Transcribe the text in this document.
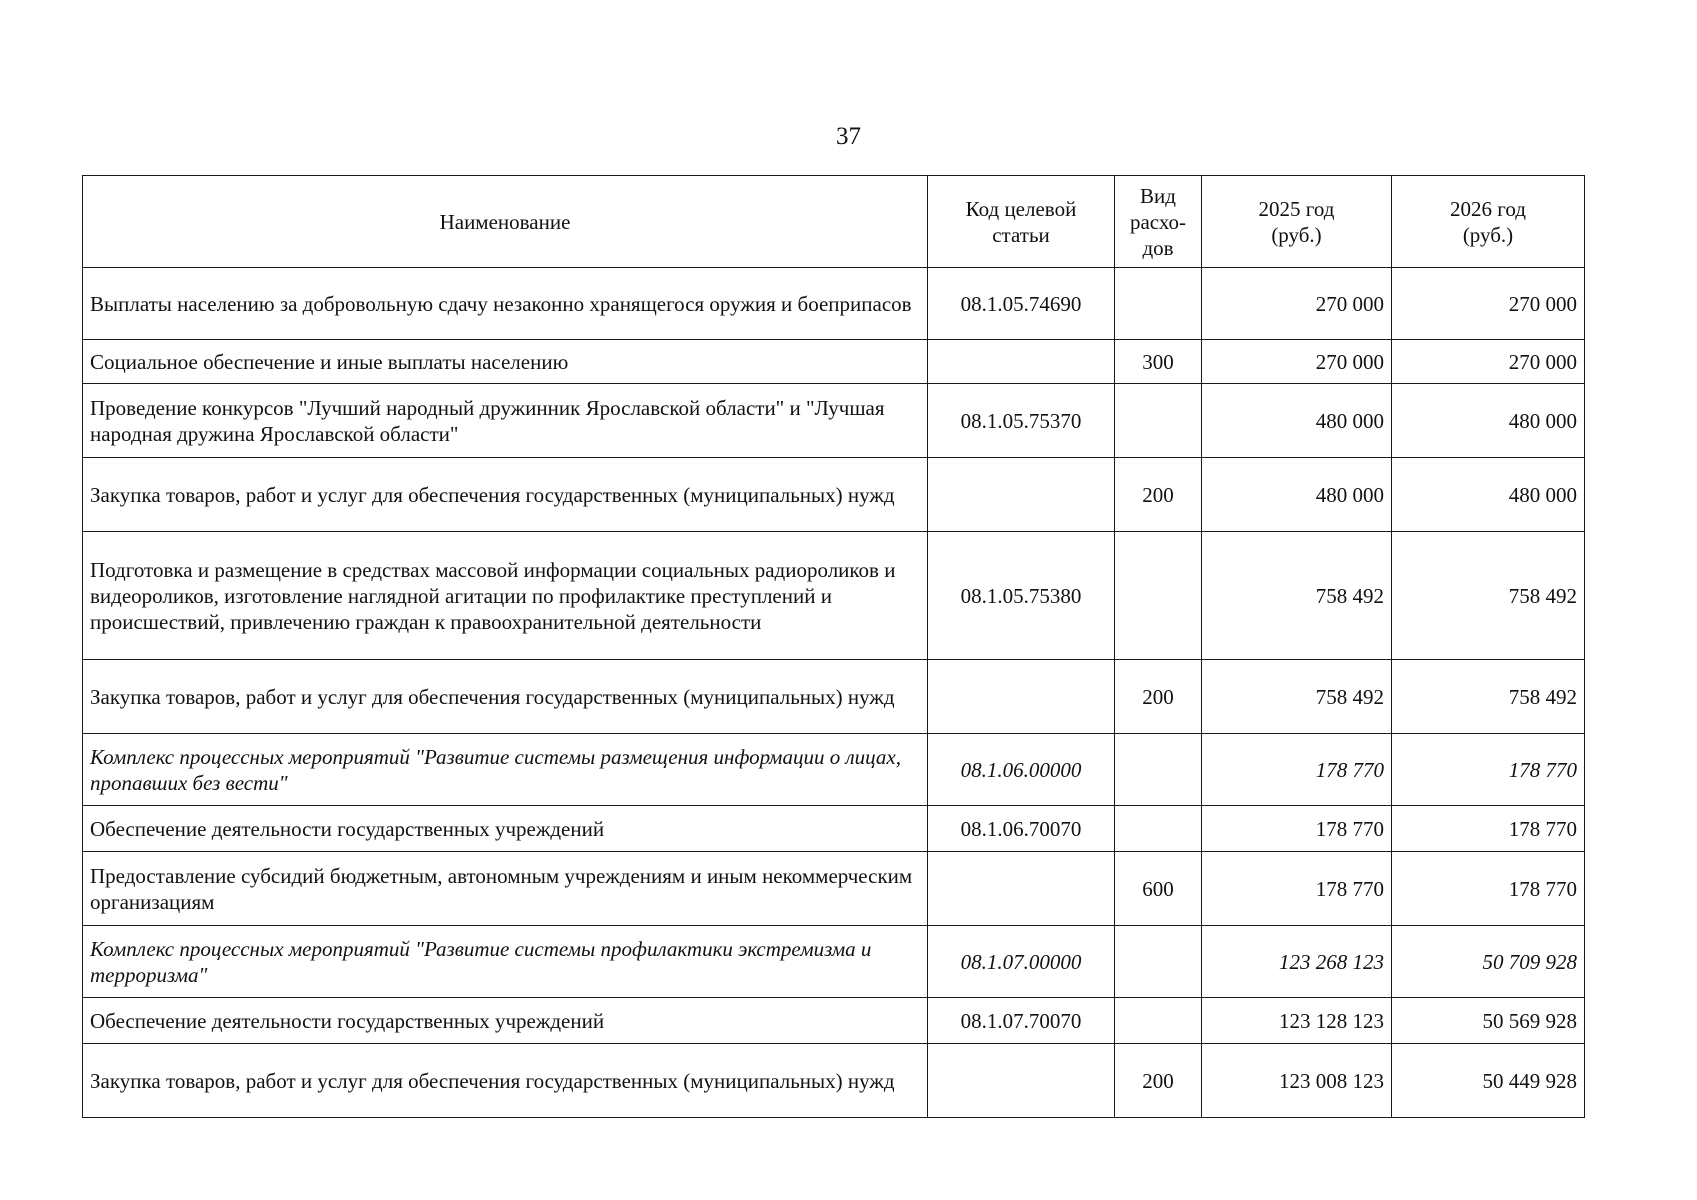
37
Наименование	Код целевой статьи	Вид расхо-дов	2025 год (руб.)	2026 год (руб.)
Выплаты населению за добровольную сдачу незаконно хранящегося оружия и боеприпасов	08.1.05.74690		270 000	270 000
Социальное обеспечение и иные выплаты населению		300	270 000	270 000
Проведение конкурсов "Лучший народный дружинник Ярославской области" и "Лучшая народная дружина Ярославской области"	08.1.05.75370		480 000	480 000
Закупка товаров, работ и услуг для обеспечения государственных (муниципальных) нужд		200	480 000	480 000
Подготовка и размещение в средствах массовой информации социальных радиороликов и видеороликов, изготовление наглядной агитации по профилактике преступлений и происшествий, привлечению граждан к правоохранительной деятельности	08.1.05.75380		758 492	758 492
Закупка товаров, работ и услуг для обеспечения государственных (муниципальных) нужд		200	758 492	758 492
Комплекс процессных мероприятий "Развитие системы размещения информации о лицах, пропавших без вести"	08.1.06.00000		178 770	178 770
Обеспечение деятельности государственных учреждений	08.1.06.70070		178 770	178 770
Предоставление субсидий бюджетным, автономным учреждениям и иным некоммерческим организациям		600	178 770	178 770
Комплекс процессных мероприятий "Развитие системы профилактики экстремизма и терроризма"	08.1.07.00000		123 268 123	50 709 928
Обеспечение деятельности государственных учреждений	08.1.07.70070		123 128 123	50 569 928
Закупка товаров, работ и услуг для обеспечения государственных (муниципальных) нужд		200	123 008 123	50 449 928
